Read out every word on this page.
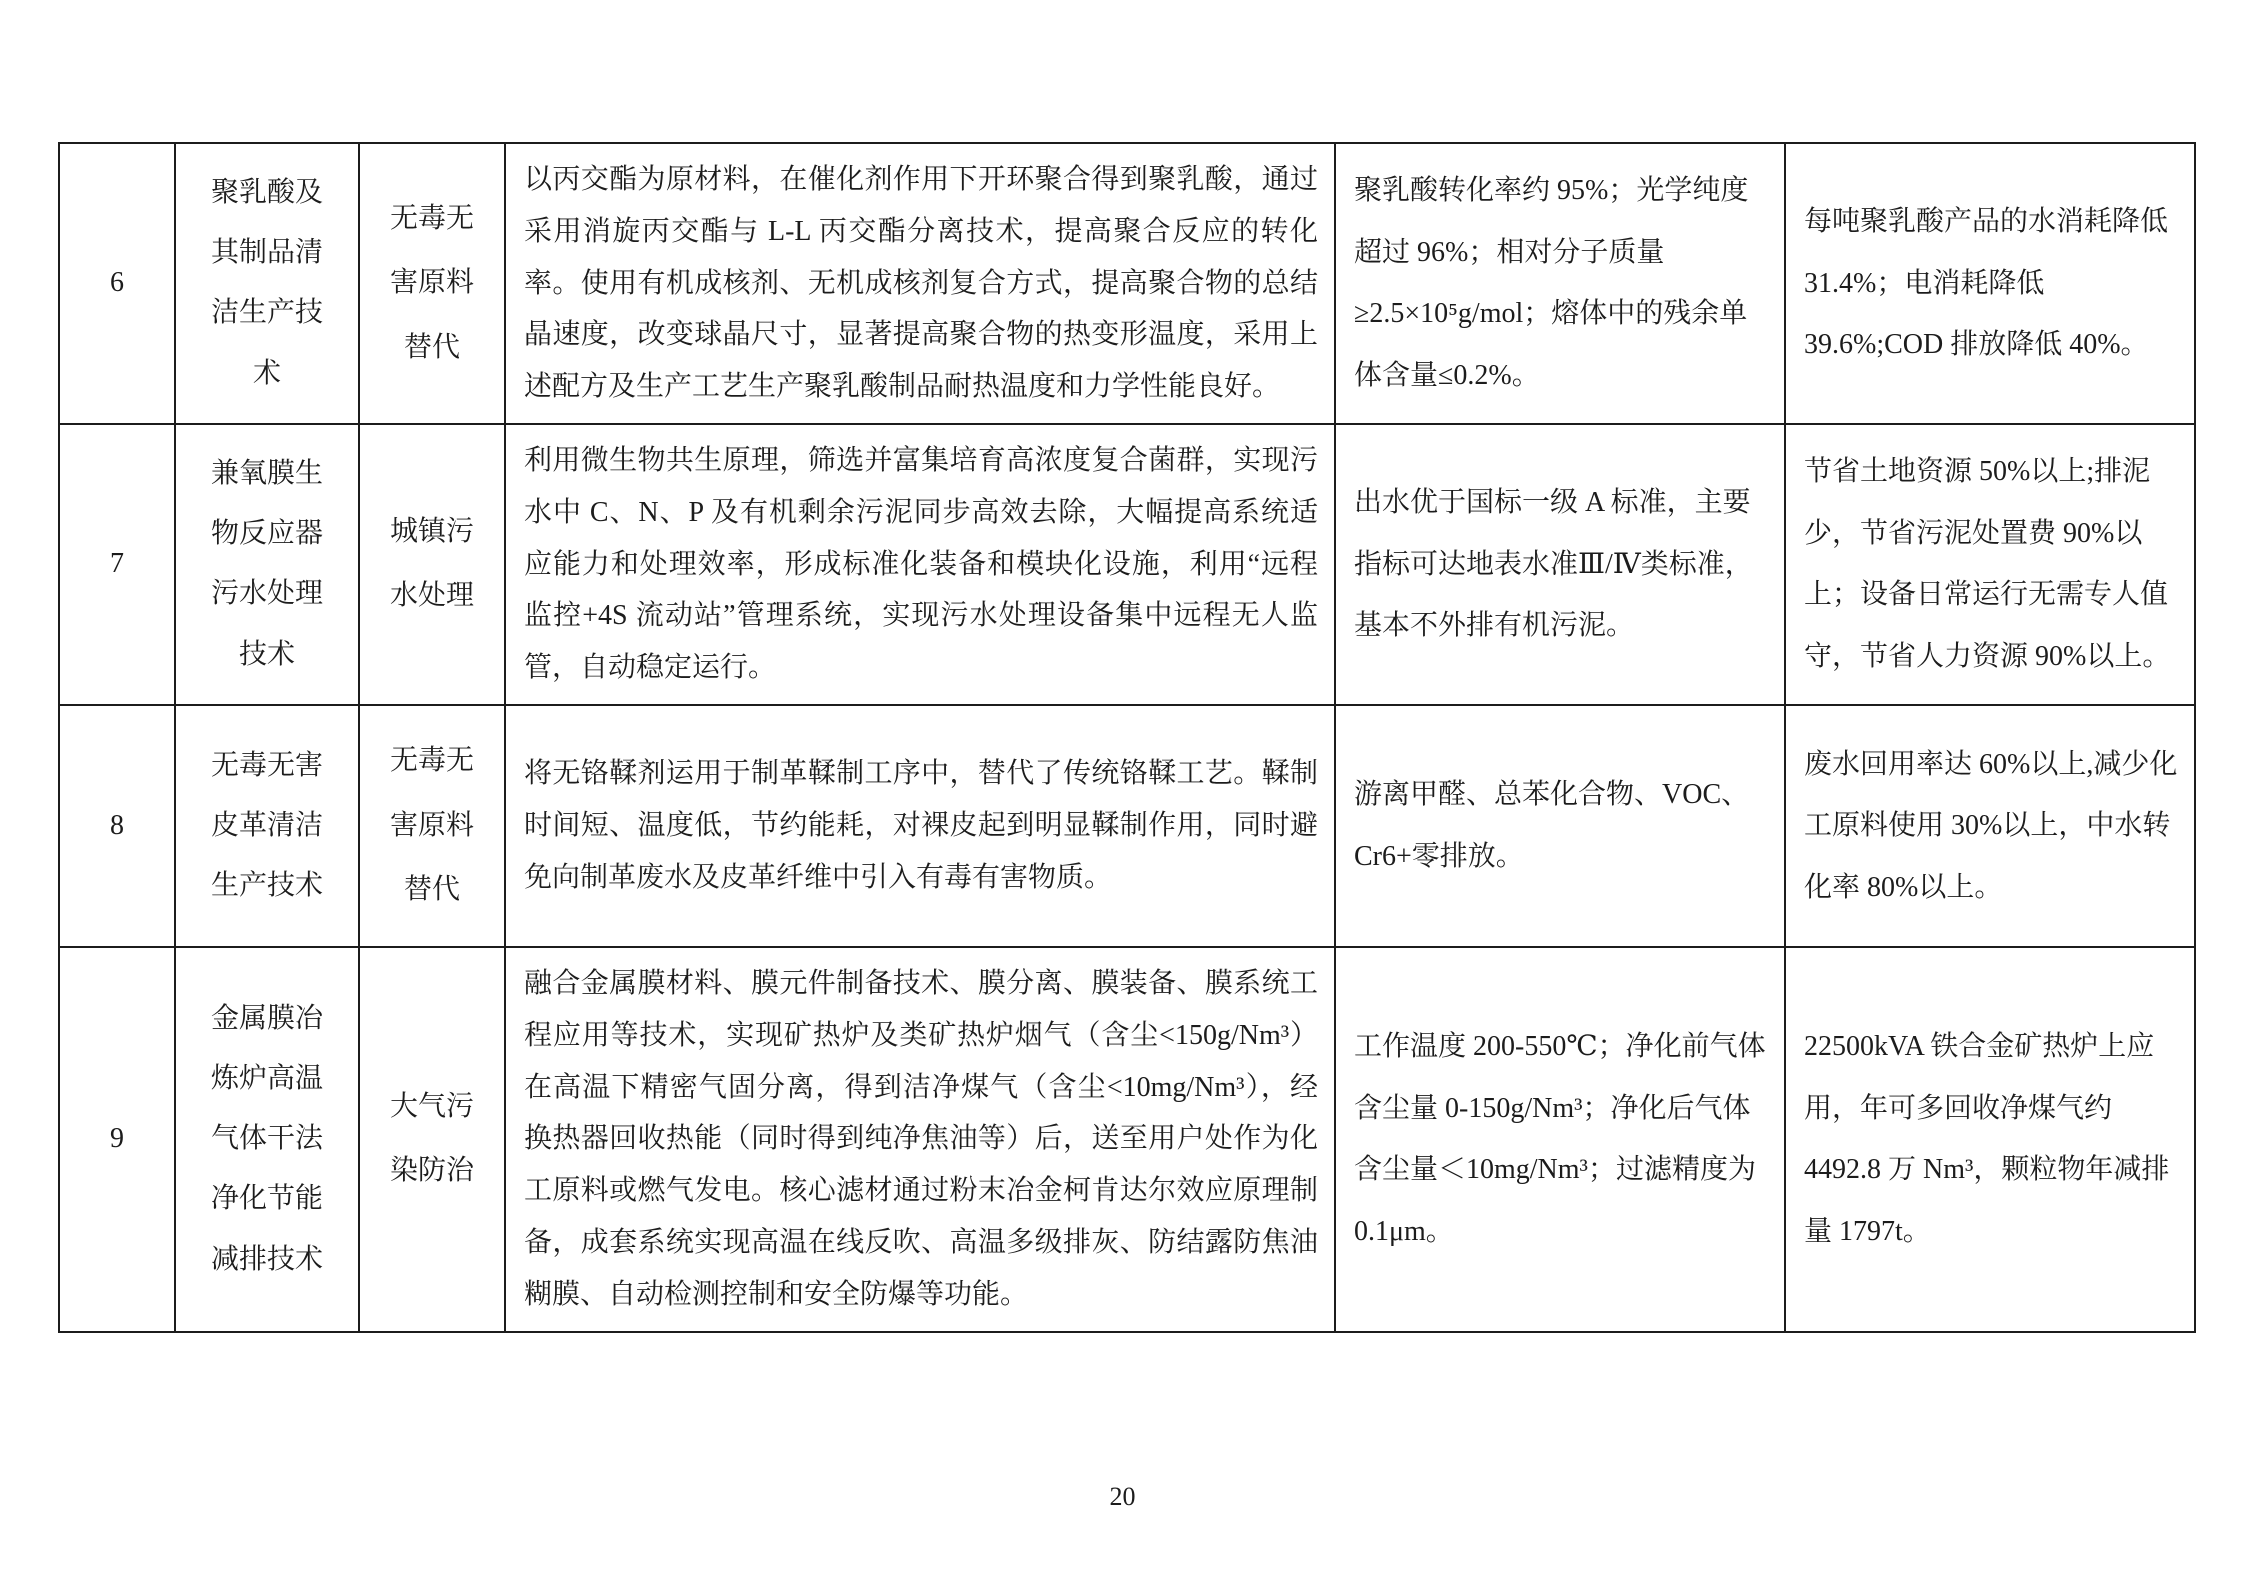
6	聚乳酸及其制品清洁生产技术	无毒无害原料替代	以丙交酯为原材料，在催化剂作用下开环聚合得到聚乳酸，通过采用消旋丙交酯与 L-L 丙交酯分离技术，提高聚合反应的转化率。使用有机成核剂、无机成核剂复合方式，提高聚合物的总结晶速度，改变球晶尺寸，显著提高聚合物的热变形温度，采用上述配方及生产工艺生产聚乳酸制品耐热温度和力学性能良好。	聚乳酸转化率约 95%；光学纯度超过 96%；相对分子质量≥2.5×10⁵g/mol；熔体中的残余单体含量≤0.2%。	每吨聚乳酸产品的水消耗降低 31.4%；电消耗降低 39.6%;COD 排放降低 40%。
7	兼氧膜生物反应器污水处理技术	城镇污水处理	利用微生物共生原理，筛选并富集培育高浓度复合菌群，实现污水中 C、N、P 及有机剩余污泥同步高效去除，大幅提高系统适应能力和处理效率，形成标准化装备和模块化设施，利用“远程监控+4S 流动站”管理系统，实现污水处理设备集中远程无人监管，自动稳定运行。	出水优于国标一级 A 标准，主要指标可达地表水准Ⅲ/Ⅳ类标准，基本不外排有机污泥。	节省土地资源 50%以上;排泥少，节省污泥处置费 90%以上；设备日常运行无需专人值守，节省人力资源 90%以上。
8	无毒无害皮革清洁生产技术	无毒无害原料替代	将无铬鞣剂运用于制革鞣制工序中，替代了传统铬鞣工艺。鞣制时间短、温度低，节约能耗，对裸皮起到明显鞣制作用，同时避免向制革废水及皮革纤维中引入有毒有害物质。	游离甲醛、总苯化合物、VOC、Cr6+零排放。	废水回用率达 60%以上,减少化工原料使用 30%以上，中水转化率 80%以上。
9	金属膜冶炼炉高温气体干法净化节能减排技术	大气污染防治	融合金属膜材料、膜元件制备技术、膜分离、膜装备、膜系统工程应用等技术，实现矿热炉及类矿热炉烟气（含尘<150g/Nm³）在高温下精密气固分离，得到洁净煤气（含尘<10mg/Nm³），经换热器回收热能（同时得到纯净焦油等）后，送至用户处作为化工原料或燃气发电。核心滤材通过粉末冶金柯肯达尔效应原理制备，成套系统实现高温在线反吹、高温多级排灰、防结露防焦油糊膜、自动检测控制和安全防爆等功能。	工作温度 200-550℃；净化前气体含尘量 0-150g/Nm³；净化后气体含尘量＜10mg/Nm³；过滤精度为 0.1μm。	22500kVA 铁合金矿热炉上应用，年可多回收净煤气约 4492.8 万 Nm³，颗粒物年减排量 1797t。
20
